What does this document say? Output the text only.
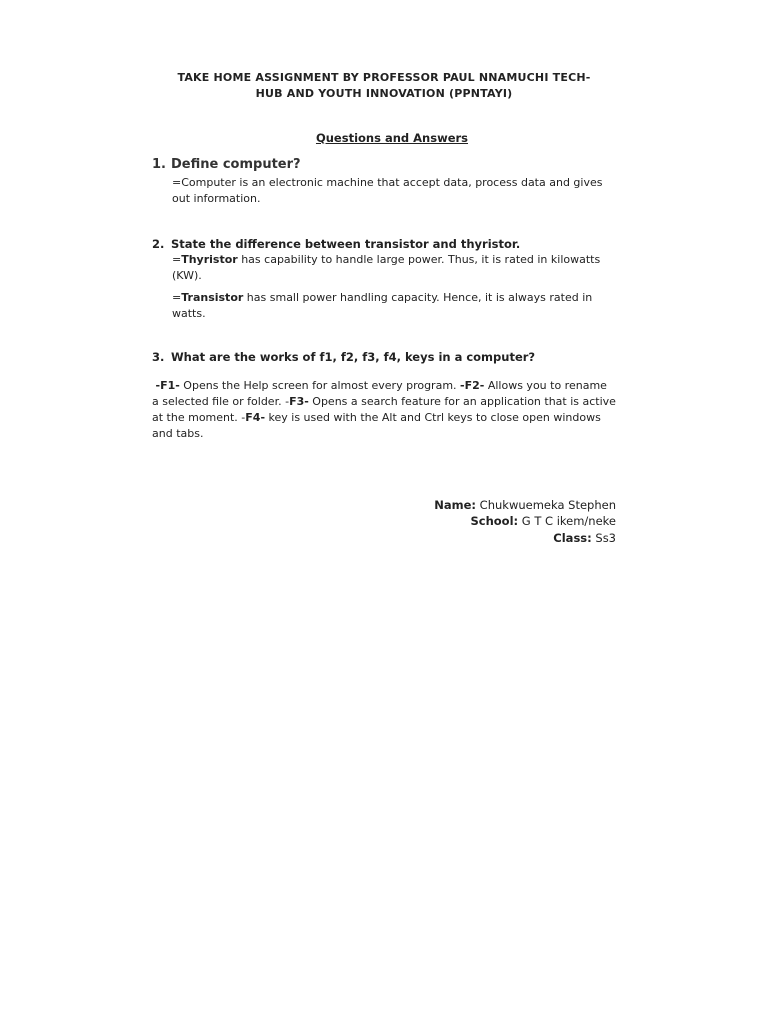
TAKE HOME ASSIGNMENT BY PROFESSOR PAUL NNAMUCHI TECH-
HUB AND YOUTH INNOVATION (PPNTAYI)
Questions and Answers
1. Define computer?
=Computer is an electronic machine that accept data, process data and gives out information.
2. State the difference between transistor and thyristor.
=Thyristor has capability to handle large power. Thus, it is rated in kilowatts (KW).
=Transistor has small power handling capacity. Hence, it is always rated in watts.
3. What are the works of f1, f2, f3, f4, keys in a computer?
-F1- Opens the Help screen for almost every program. -F2- Allows you to rename a selected file or folder. -F3- Opens a search feature for an application that is active at the moment. -F4- key is used with the Alt and Ctrl keys to close open windows and tabs.
Name: Chukwuemeka Stephen
School: G T C ikem/neke
Class: Ss3
